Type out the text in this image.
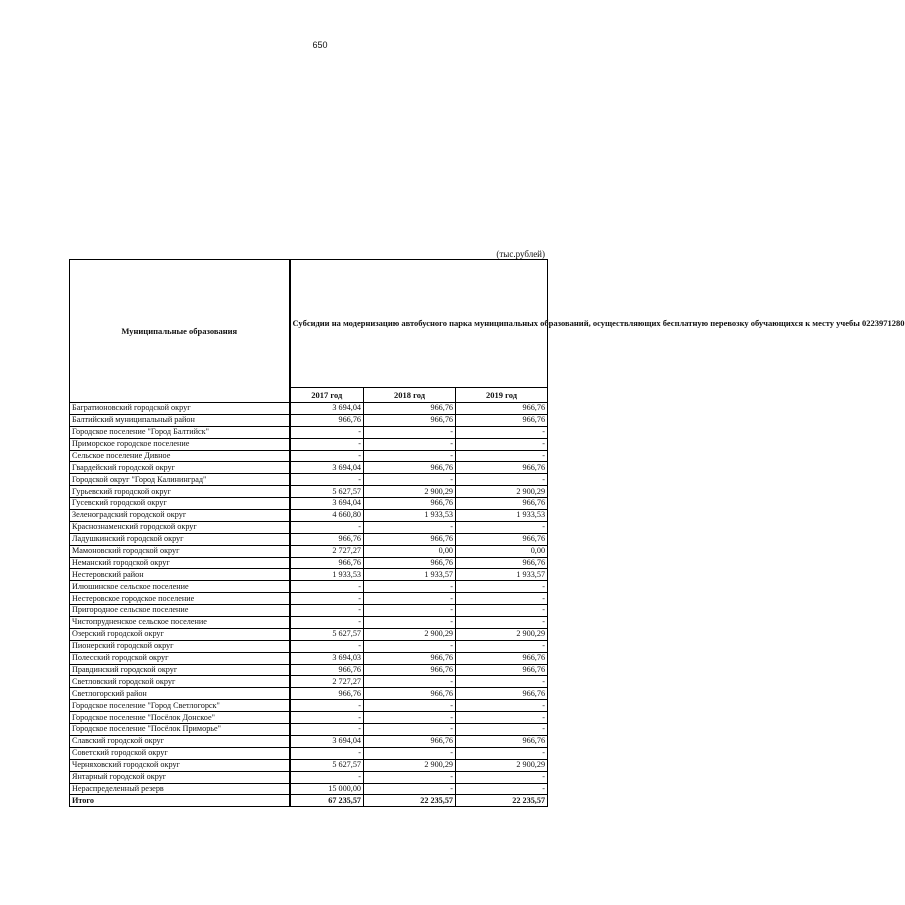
650
(тыс.рублей)
Муниципальные образования	Субсидии на модернизацию автобусного парка муниципальных образований, осуществляющих бесплатную перевозку обучающихся к месту учебы 0223971280		
	2017 год	2018 год	2019 год
Багратионовский городской округ	3 694,04	966,76	966,76
Балтийский муниципальный район	966,76	966,76	966,76
Городское поселение "Город Балтийск"	-	-	-
Приморское городское поселение	-	-	-
Сельское поселение Дивное	-	-	-
Гвардейский городской округ	3 694,04	966,76	966,76
Городской округ "Город Калининград"	-	-	-
Гурьевский городской округ	5 627,57	2 900,29	2 900,29
Гусевский городской округ	3 694,04	966,76	966,76
Зеленоградский городской округ	4 660,80	1 933,53	1 933,53
Краснознаменский городской округ	-	-	-
Ладушкинский городской округ	966,76	966,76	966,76
Мамоновский городской округ	2 727,27	0,00	0,00
Неманский городской округ	966,76	966,76	966,76
Нестеровский район	1 933,53	1 933,57	1 933,57
Илюшинское сельское поселение	-	-	-
Нестеровское городское поселение	-	-	-
Пригородное сельское поселение	-	-	-
Чистопрудненское сельское поселение	-	-	-
Озерский городской округ	5 627,57	2 900,29	2 900,29
Пионерский городской округ	-	-	-
Полесский городской округ	3 694,03	966,76	966,76
Правдинский городской округ	966,76	966,76	966,76
Светловский городской округ	2 727,27	-	-
Светлогорский район	966,76	966,76	966,76
Городское поселение "Город Светлогорск"	-	-	-
Городское поселение "Посёлок Донское"	-	-	-
Городское поселение "Посёлок Приморье"	-	-	-
Славский городской округ	3 694,04	966,76	966,76
Советский городской округ	-	-	-
Черняховский городской округ	5 627,57	2 900,29	2 900,29
Янтарный городской округ	-	-	-
Нераспределенный резерв	15 000,00	-	-
Итого	67 235,57	22 235,57	22 235,57
